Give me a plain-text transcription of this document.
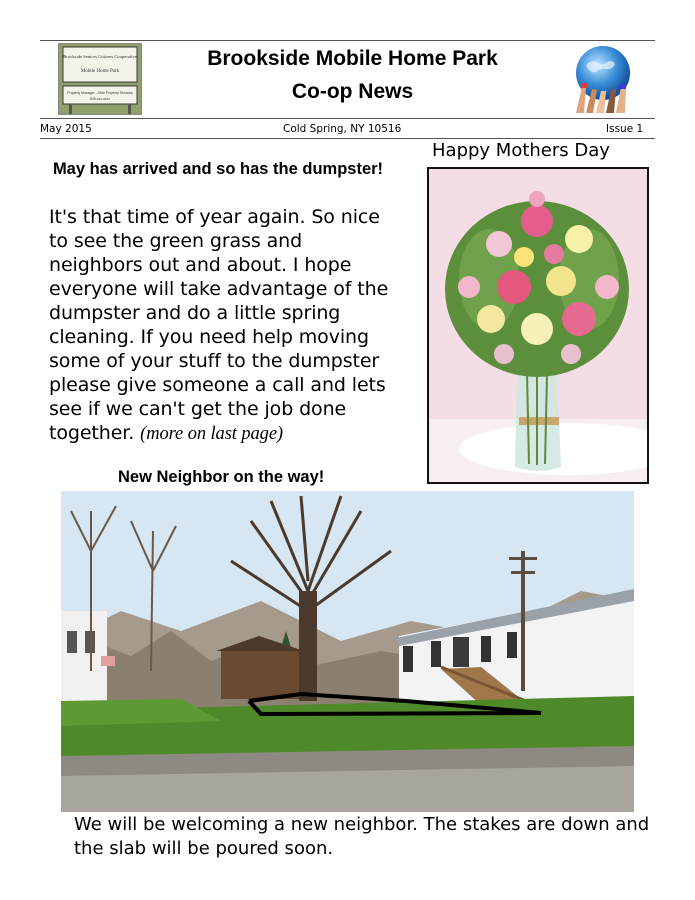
Brookside Seniors Citizens Cooperative
Mobile Home Park
Property Manager – Elite Property Services
845-xxx-xxxx
Brookside Mobile Home Park
Co-op News
May 2015	Cold Spring, NY 10516	Issue 1
May has arrived and so has the dumpster!
It's that time of year again. So nice to see the green grass and neighbors out and about. I hope everyone will take advantage of the dumpster and do a little spring cleaning. If you need help moving some of your stuff to the dumpster please give someone a call and lets see if we can't get the job done together. (more on last page)
Happy Mothers Day
New Neighbor on the way!
We will be welcoming a new neighbor. The stakes are down and the slab will be poured soon.
